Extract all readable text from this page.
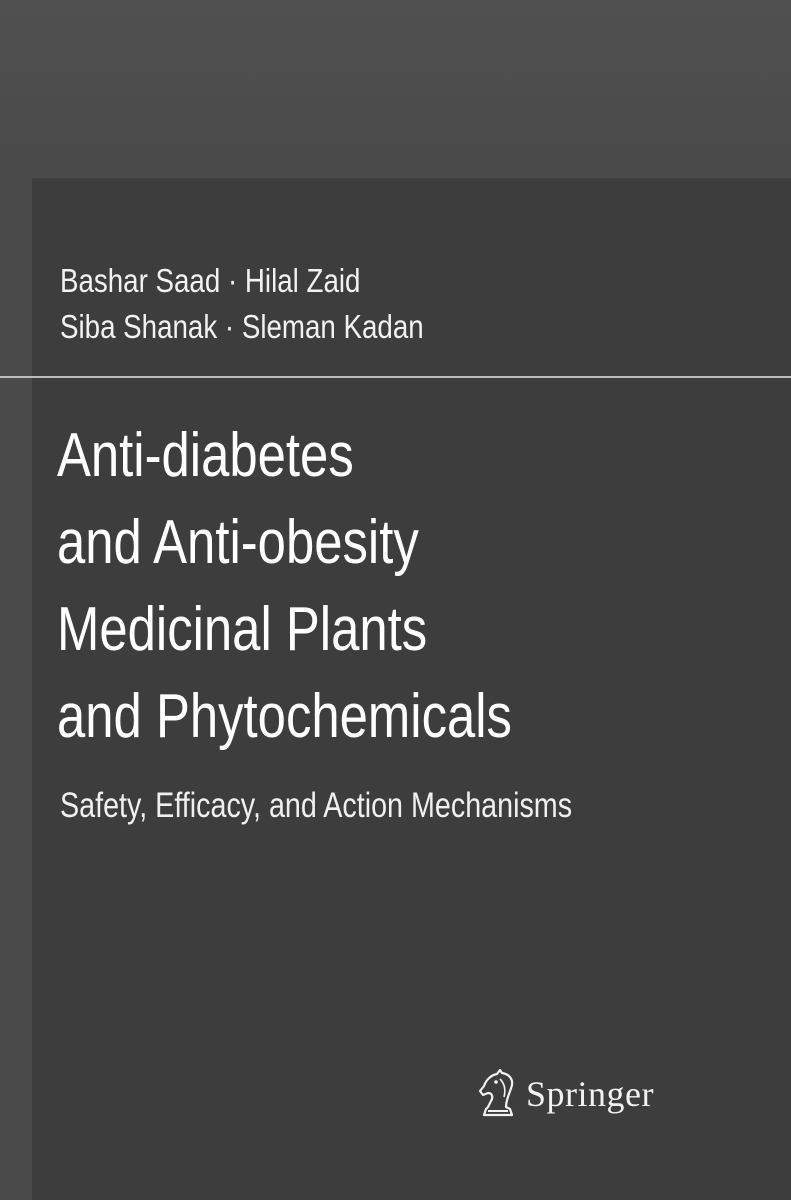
Bashar Saad · Hilal Zaid
Siba Shanak · Sleman Kadan
Anti-diabetes
and Anti-obesity
Medicinal Plants
and Phytochemicals
Safety, Efficacy, and Action Mechanisms
Springer
